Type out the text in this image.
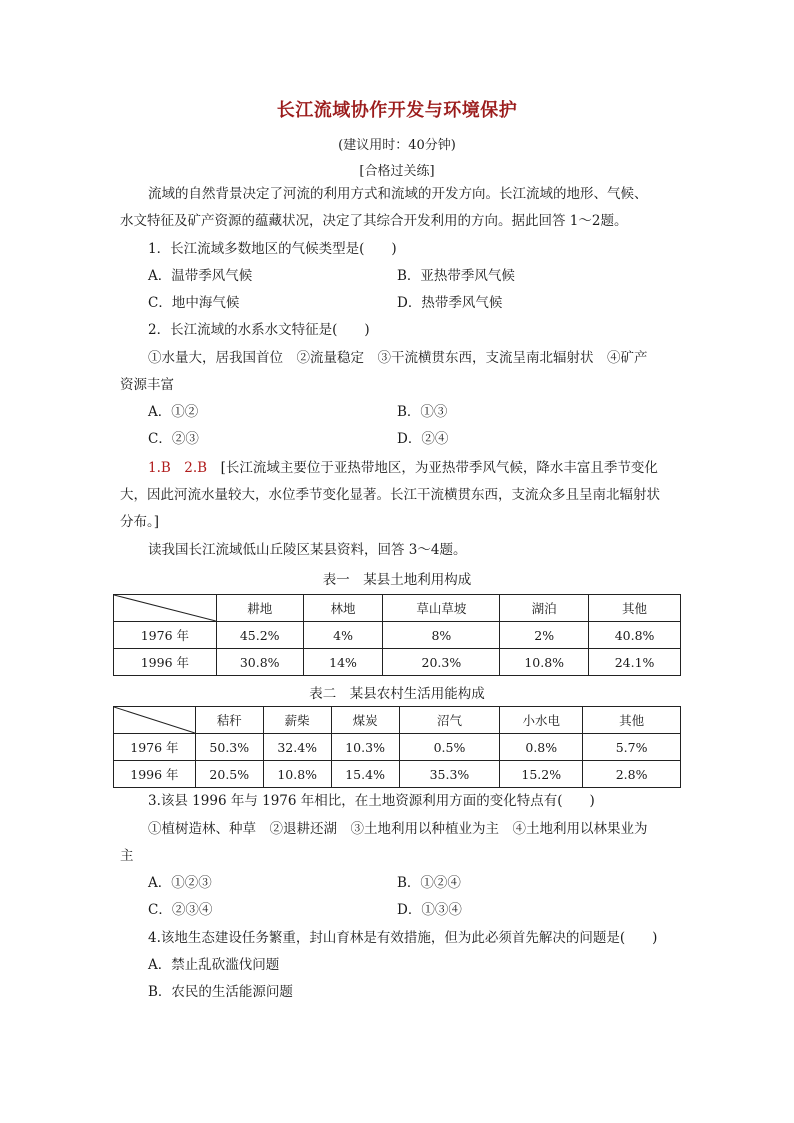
长江流域协作开发与环境保护
(建议用时：40分钟)
[合格过关练]
流域的自然背景决定了河流的利用方式和流域的开发方向。长江流域的地形、气候、
水文特征及矿产资源的蕴藏状况，决定了其综合开发利用的方向。据此回答 1～2题。
1．长江流域多数地区的气候类型是(　　)
A．温带季风气候	B．亚热带季风气候
C．地中海气候	D．热带季风气候
2．长江流域的水系水文特征是(　　)
①水量大，居我国首位　②流量稳定　③干流横贯东西，支流呈南北辐射状　④矿产
资源丰富
A．①②	B．①③
C．②③	D．②④
1.B　2.B　[长江流域主要位于亚热带地区，为亚热带季风气候，降水丰富且季节变化
大，因此河流水量较大，水位季节变化显著。长江干流横贯东西，支流众多且呈南北辐射状
分布。]
读我国长江流域低山丘陵区某县资料，回答 3～4题。
表一　某县土地利用构成
	耕地	林地	草山草坡	湖泊	其他
1976 年	45.2%	4%	8%	2%	40.8%
1996 年	30.8%	14%	20.3%	10.8%	24.1%
表二　某县农村生活用能构成
	秸秆	薪柴	煤炭	沼气	小水电	其他
1976 年	50.3%	32.4%	10.3%	0.5%	0.8%	5.7%
1996 年	20.5%	10.8%	15.4%	35.3%	15.2%	2.8%
3.该县 1996 年与 1976 年相比，在土地资源利用方面的变化特点有(　　)
①植树造林、种草　②退耕还湖　③土地利用以种植业为主　④土地利用以林果业为
主
A．①②③	B．①②④
C．②③④	D．①③④
4.该地生态建设任务繁重，封山育林是有效措施，但为此必须首先解决的问题是(　　)
A．禁止乱砍滥伐问题
B．农民的生活能源问题
